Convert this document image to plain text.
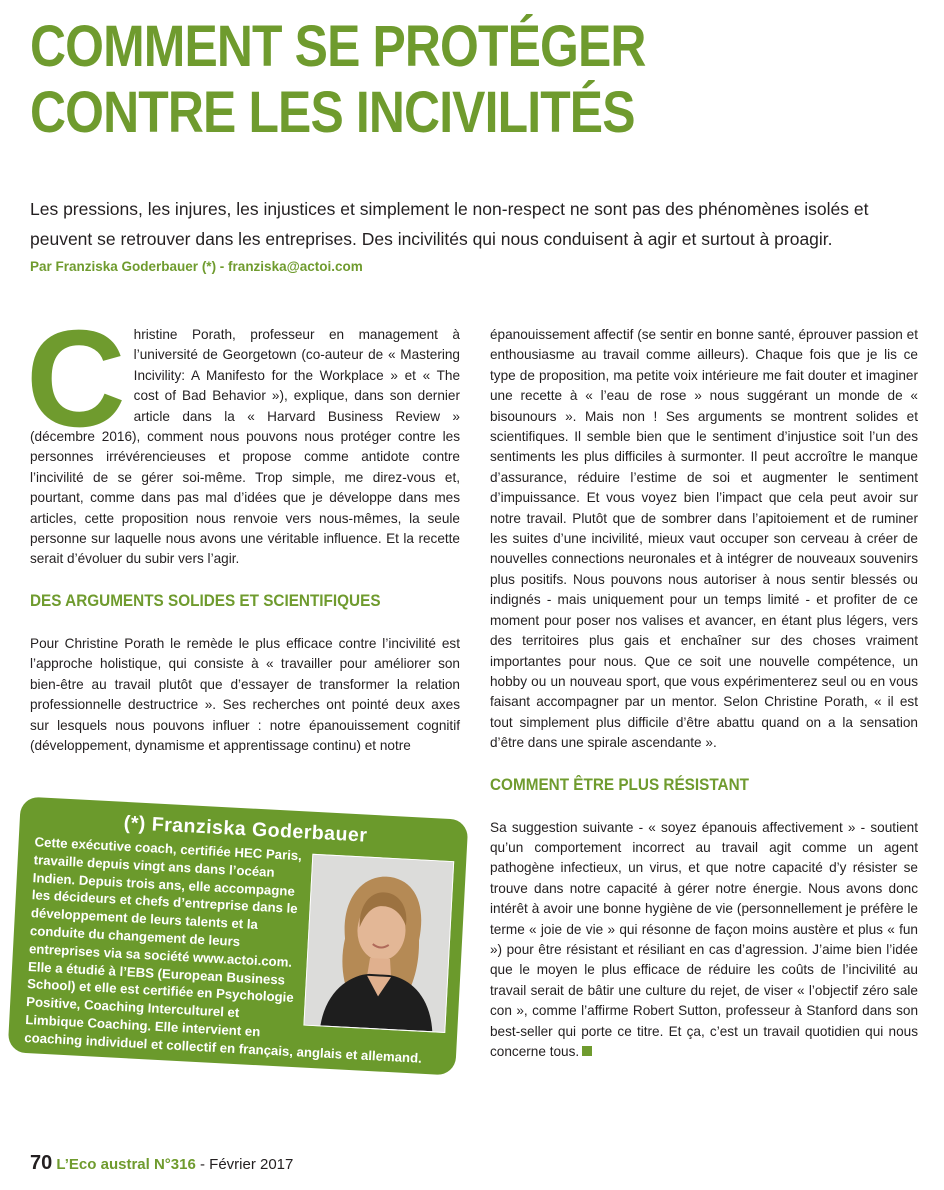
COMMENT SE PROTÉGER
CONTRE LES INCIVILITÉS

Les pressions, les injures, les injustices et simplement le non-respect ne sont pas des phénomènes isolés et peuvent se retrouver dans les entreprises. Des incivilités qui nous conduisent à agir et surtout à proagir.

Par Franziska Goderbauer (*) - franziska@actoi.com

C hristine Porath, professeur en management à l’université de Georgetown (co-auteur de « Mastering Incivility: A Manifesto for the Workplace » et « The cost of Bad Behavior »), explique, dans son dernier article dans la « Harvard Business Review » (décembre 2016), comment nous pouvons nous protéger contre les personnes irrévérencieuses et propose comme antidote contre l’incivilité de se gérer soi-même. Trop simple, me direz-vous et, pourtant, comme dans pas mal d’idées que je développe dans mes articles, cette proposition nous renvoie vers nous-mêmes, la seule personne sur laquelle nous avons une véritable influence. Et la recette serait d’évoluer du subir vers l’agir.

DES ARGUMENTS SOLIDES ET SCIENTIFIQUES

Pour Christine Porath le remède le plus efficace contre l’incivilité est l’approche holistique, qui consiste à « travailler pour améliorer son bien-être au travail plutôt que d’essayer de transformer la relation professionnelle destructrice ». Ses recherches ont pointé deux axes sur lesquels nous pouvons influer : notre épanouissement cognitif (développement, dynamisme et apprentissage continu) et notre

épanouissement affectif (se sentir en bonne santé, éprouver passion et enthousiasme au travail comme ailleurs). Chaque fois que je lis ce type de proposition, ma petite voix intérieure me fait douter et imaginer une recette à « l’eau de rose » nous suggérant un monde de « bisounours ». Mais non ! Ses arguments se montrent solides et scientifiques. Il semble bien que le sentiment d’injustice soit l’un des sentiments les plus difficiles à surmonter. Il peut accroître le manque d’assurance, réduire l’estime de soi et augmenter le sentiment d’impuissance. Et vous voyez bien l’impact que cela peut avoir sur notre travail. Plutôt que de sombrer dans l’apitoiement et de ruminer les suites d’une incivilité, mieux vaut occuper son cerveau à créer de nouvelles connections neuronales et à intégrer de nouveaux souvenirs plus positifs. Nous pouvons nous autoriser à nous sentir blessés ou indignés - mais uniquement pour un temps limité - et profiter de ce moment pour poser nos valises et avancer, en étant plus légers, vers des territoires plus gais et enchaîner sur des choses vraiment importantes pour nous. Que ce soit une nouvelle compétence, un hobby ou un nouveau sport, que vous expérimenterez seul ou en vous faisant accompagner par un mentor. Selon Christine Porath, « il est tout simplement plus difficile d’être abattu quand on a la sensation d’être dans une spirale ascendante ».

COMMENT ÊTRE PLUS RÉSISTANT

Sa suggestion suivante - « soyez épanouis affectivement » - soutient qu’un comportement incorrect au travail agit comme un agent pathogène infectieux, un virus, et que notre capacité d’y résister se trouve dans notre capacité à gérer notre énergie. Nous avons donc intérêt à avoir une bonne hygiène de vie (personnellement je préfère le terme « joie de vie » qui résonne de façon moins austère et plus « fun ») pour être résistant et résiliant en cas d’agression. J’aime bien l’idée que le moyen le plus efficace de réduire les coûts de l’incivilité au travail serait de bâtir une culture du rejet, de viser « l’objectif zéro sale con », comme l’affirme Robert Sutton, professeur à Stanford dans son best-seller qui porte ce titre. Et ça, c’est un travail quotidien qui nous concerne tous.

(*) Franziska Goderbauer

Cette exécutive coach, certifiée HEC Paris, travaille depuis vingt ans dans l’océan Indien. Depuis trois ans, elle accompagne les décideurs et chefs d’entreprise dans le développement de leurs talents et la conduite du changement de leurs entreprises via sa société www.actoi.com. Elle a étudié à l’EBS (European Business School) et elle est certifiée en Psychologie Positive, Coaching Interculturel et Limbique Coaching. Elle intervient en coaching individuel et collectif en français, anglais et allemand.

70 L’Eco austral N°316 - Février 2017
